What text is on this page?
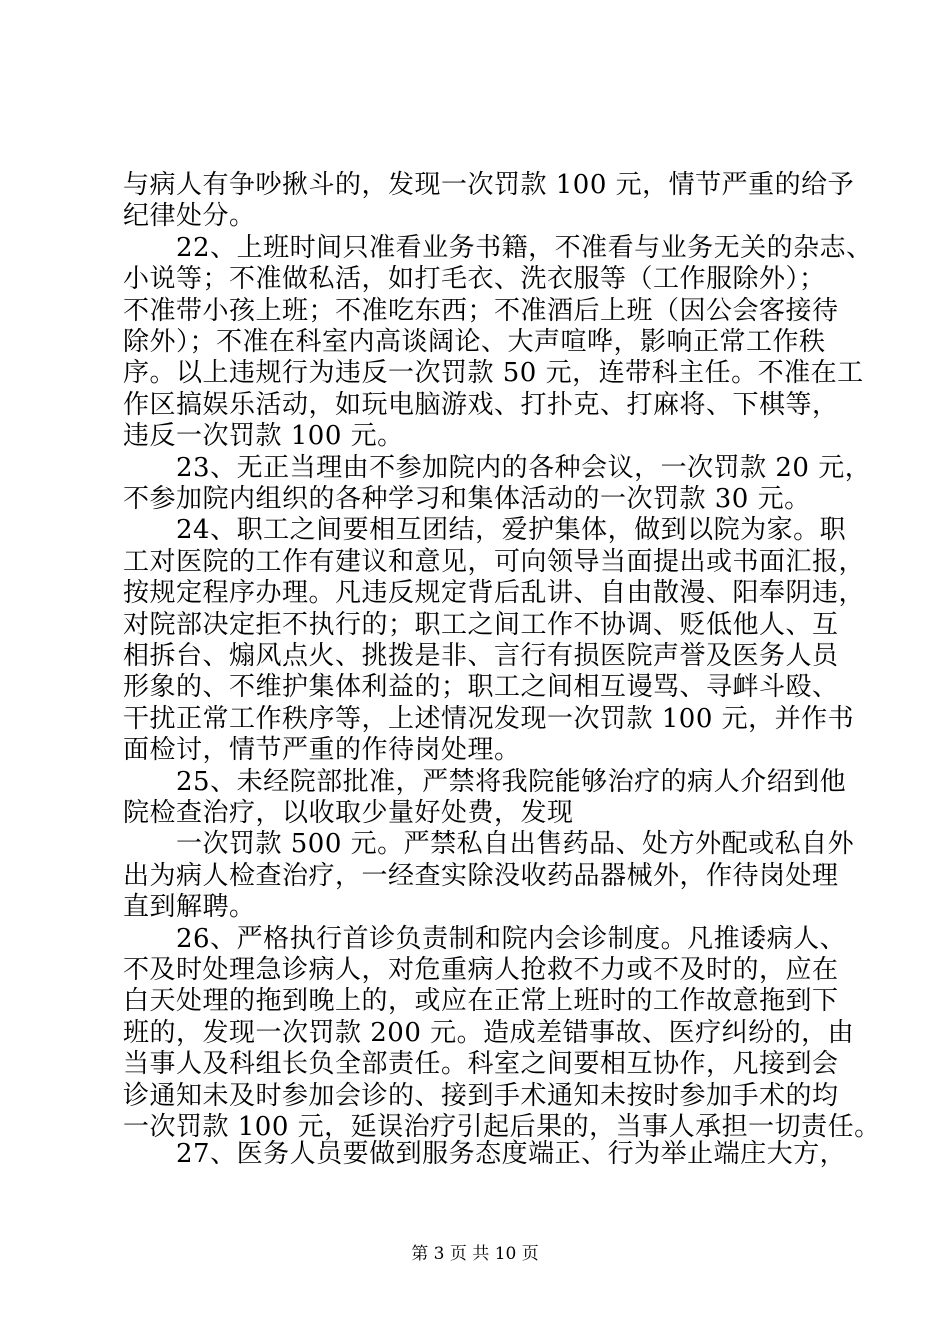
与病人有争吵揪斗的，发现一次罚款 100 元，情节严重的给予
纪律处分。
22、上班时间只准看业务书籍，不准看与业务无关的杂志、
小说等；不准做私活，如打毛衣、洗衣服等（工作服除外）；
不准带小孩上班；不准吃东西；不准酒后上班（因公会客接待
除外）；不准在科室内高谈阔论、大声喧哗，影响正常工作秩
序。以上违规行为违反一次罚款 50 元，连带科主任。不准在工
作区搞娱乐活动，如玩电脑游戏、打扑克、打麻将、下棋等，
违反一次罚款 100 元。
23、无正当理由不参加院内的各种会议，一次罚款 20 元，
不参加院内组织的各种学习和集体活动的一次罚款 30 元。
24、职工之间要相互团结，爱护集体，做到以院为家。职
工对医院的工作有建议和意见，可向领导当面提出或书面汇报，
按规定程序办理。凡违反规定背后乱讲、自由散漫、阳奉阴违，
对院部决定拒不执行的；职工之间工作不协调、贬低他人、互
相拆台、煽风点火、挑拨是非、言行有损医院声誉及医务人员
形象的、不维护集体利益的；职工之间相互谩骂、寻衅斗殴、
干扰正常工作秩序等，上述情况发现一次罚款 100 元，并作书
面检讨，情节严重的作待岗处理。
25、未经院部批准，严禁将我院能够治疗的病人介绍到他
院检查治疗，以收取少量好处费，发现
一次罚款 500 元。严禁私自出售药品、处方外配或私自外
出为病人检查治疗，一经查实除没收药品器械外，作待岗处理
直到解聘。
26、严格执行首诊负责制和院内会诊制度。凡推诿病人、
不及时处理急诊病人，对危重病人抢救不力或不及时的，应在
白天处理的拖到晚上的，或应在正常上班时的工作故意拖到下
班的，发现一次罚款 200 元。造成差错事故、医疗纠纷的，由
当事人及科组长负全部责任。科室之间要相互协作，凡接到会
诊通知未及时参加会诊的、接到手术通知未按时参加手术的均
一次罚款 100 元，延误治疗引起后果的，当事人承担一切责任。
27、医务人员要做到服务态度端正、行为举止端庄大方，
第 3 页 共 10 页
